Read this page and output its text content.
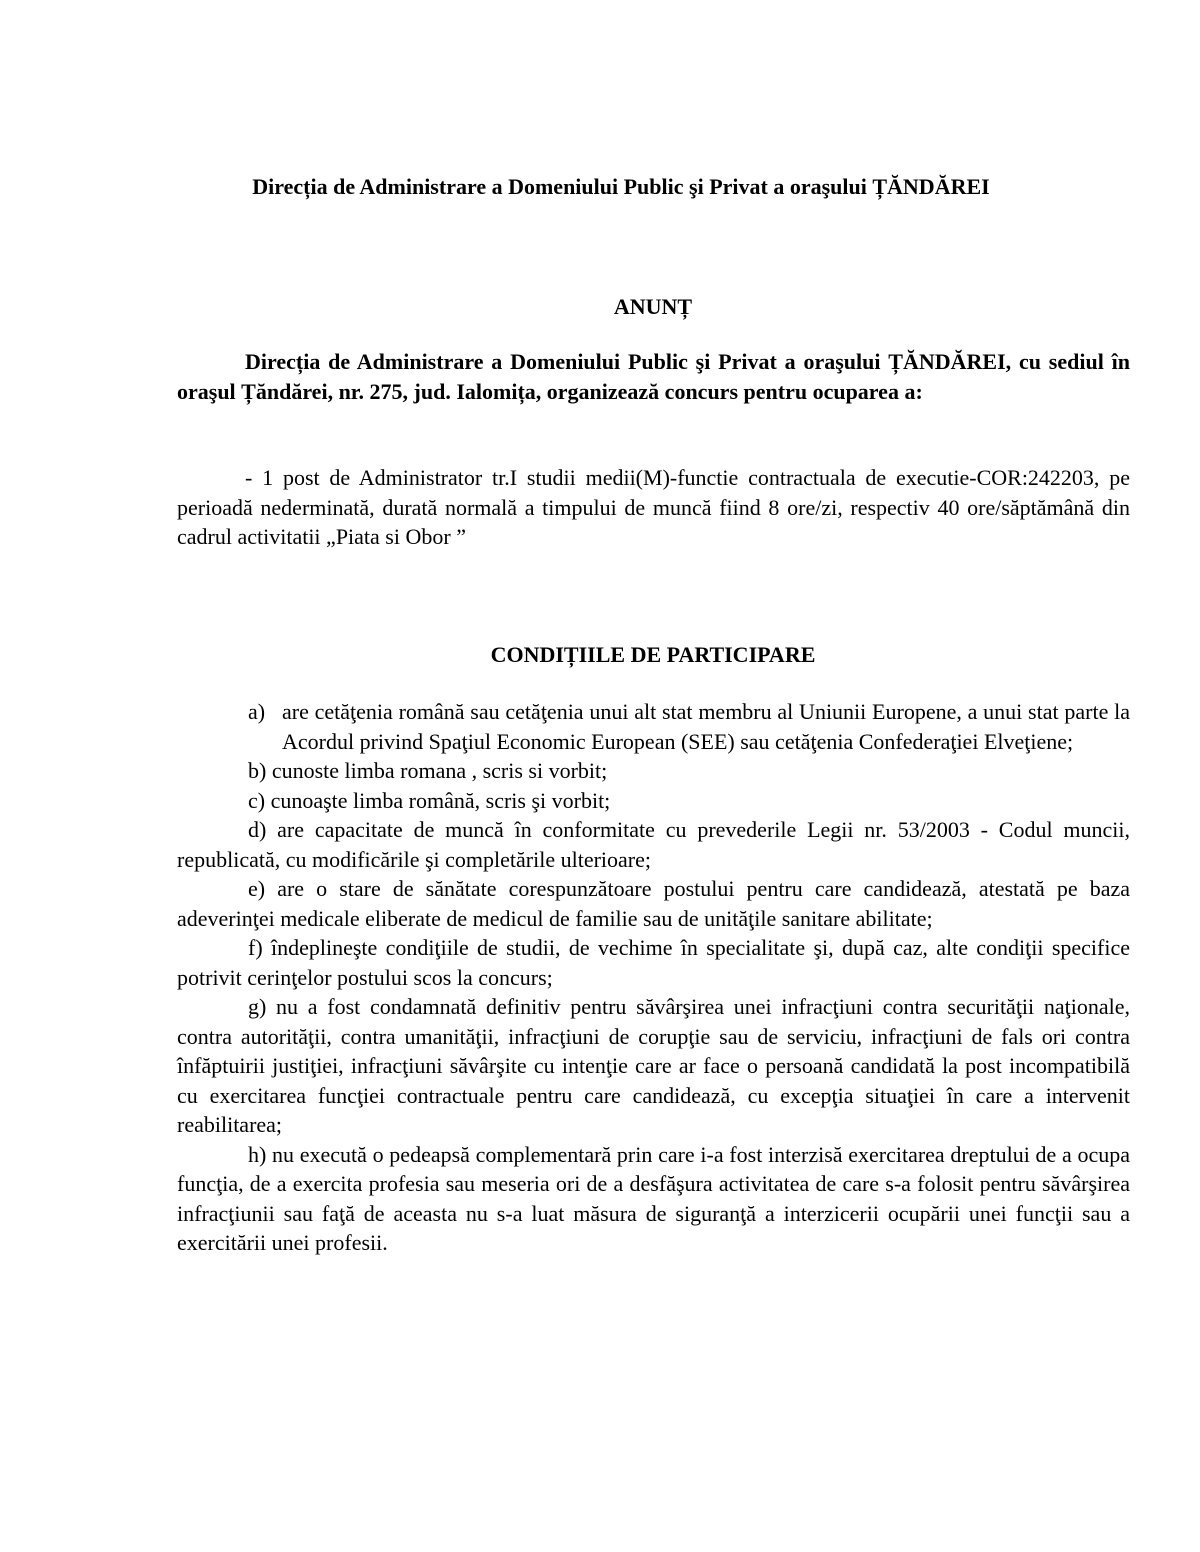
Direcția de Administrare a Domeniului Public şi Privat a oraşului ȚĂNDĂREI
ANUNȚ

Direcția de Administrare a Domeniului Public şi Privat a oraşului ȚĂNDĂREI, cu sediul în oraşul Țăndărei, nr. 275, jud. Ialomița, organizează concurs pentru ocuparea a:

- 1 post de Administrator tr.I studii medii(M)-functie contractuala de executie-COR:242203, pe perioadă nederminată, durată normală a timpului de muncă fiind 8 ore/zi, respectiv 40 ore/săptămână din cadrul activitatii „Piata si Obor ”

CONDIȚIILE DE PARTICIPARE
a) are cetăţenia română sau cetăţenia unui alt stat membru al Uniunii Europene, a unui stat parte la Acordul privind Spaţiul Economic European (SEE) sau cetăţenia Confederaţiei Elveţiene;
b) cunoste limba romana , scris si vorbit;

c) cunoaşte limba română, scris şi vorbit;

d) are capacitate de muncă în conformitate cu prevederile Legii nr. 53/2003 - Codul muncii, republicată, cu modificările şi completările ulterioare;

e) are o stare de sănătate corespunzătoare postului pentru care candidează, atestată pe baza adeverinţei medicale eliberate de medicul de familie sau de unităţile sanitare abilitate;

f) îndeplineşte condiţiile de studii, de vechime în specialitate şi, după caz, alte condiţii specifice potrivit cerinţelor postului scos la concurs;

g) nu a fost condamnată definitiv pentru săvârşirea unei infracţiuni contra securităţii naţionale, contra autorităţii, contra umanităţii, infracţiuni de corupţie sau de serviciu, infracţiuni de fals ori contra înfăptuirii justiţiei, infracţiuni săvârşite cu intenţie care ar face o persoană candidată la post incompatibilă cu exercitarea funcţiei contractuale pentru care candidează, cu excepţia situaţiei în care a intervenit reabilitarea;

h) nu execută o pedeapsă complementară prin care i-a fost interzisă exercitarea dreptului de a ocupa funcţia, de a exercita profesia sau meseria ori de a desfăşura activitatea de care s-a folosit pentru săvârşirea infracţiunii sau faţă de aceasta nu s-a luat măsura de siguranţă a interzicerii ocupării unei funcţii sau a exercitării unei profesii.
